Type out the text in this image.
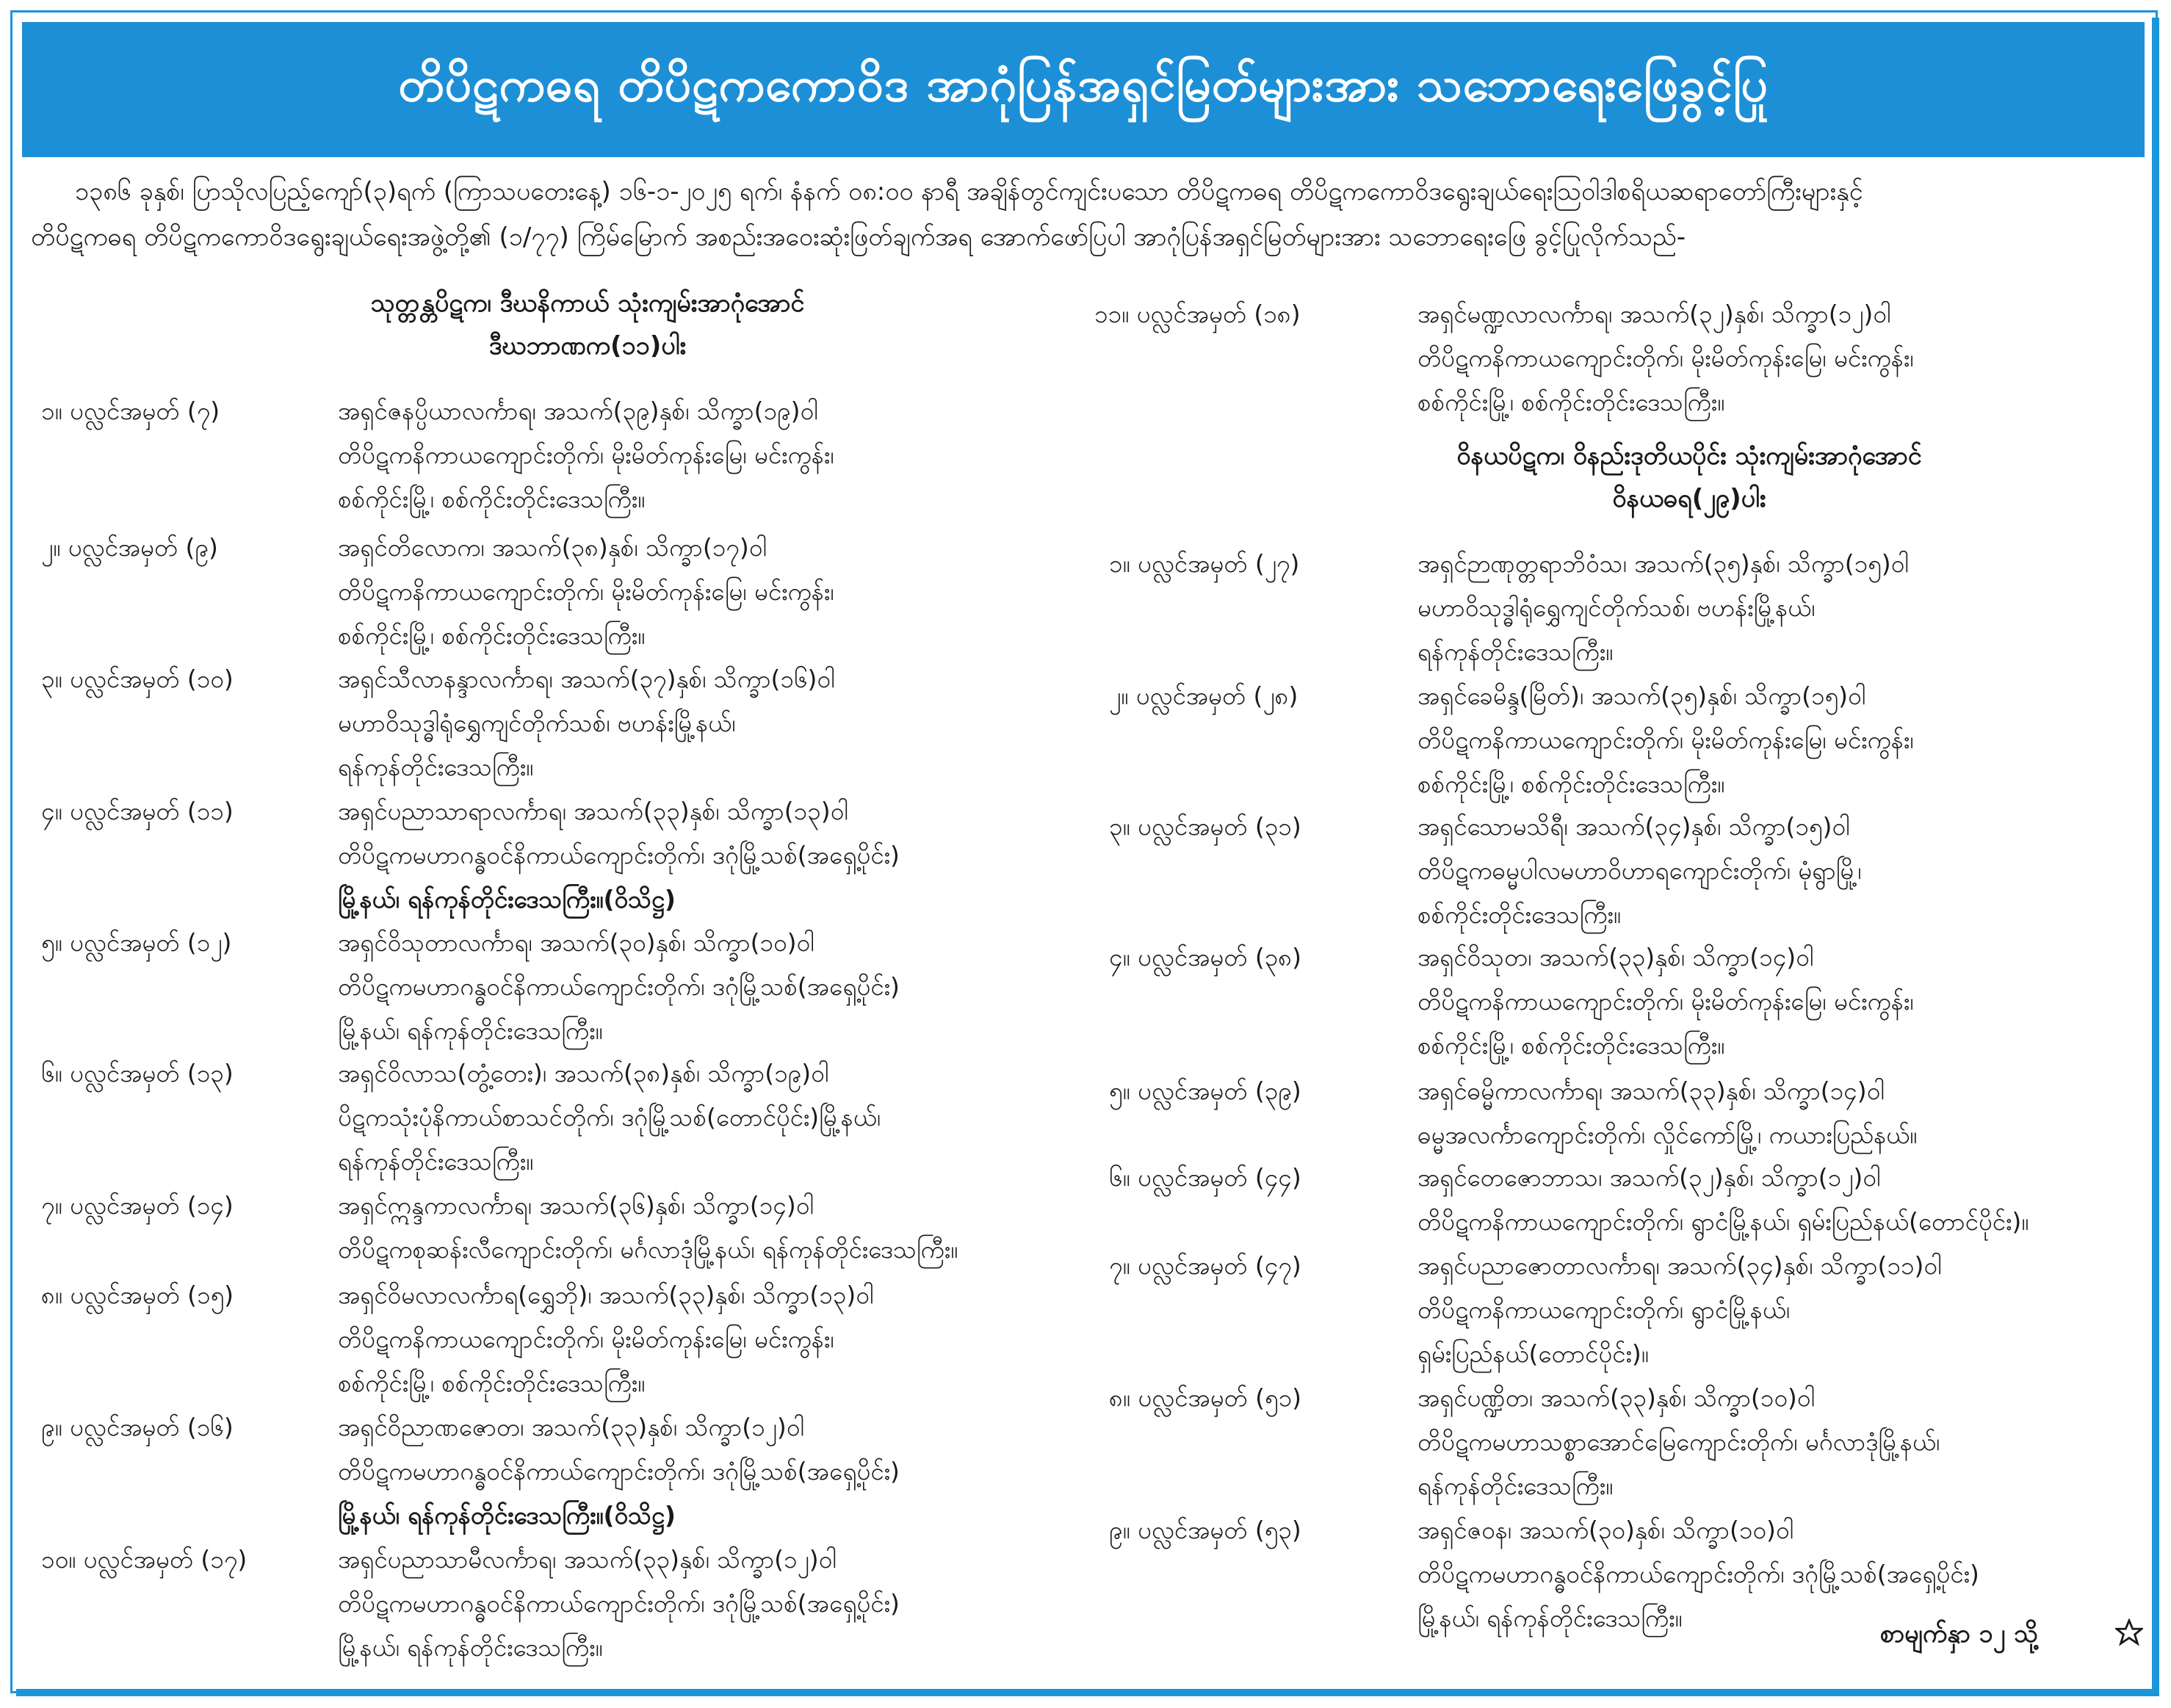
တိပိဋကဓရ တိပိဋကကောဝိဒ အာဂုံပြန်အရှင်မြတ်များအား သဘောရေးဖြေခွင့်ပြု

၁၃၈၆ ခုနှစ်၊ ပြာသိုလပြည့်ကျော်(၃)ရက် (ကြာသပတေးနေ့) ၁၆-၁-၂၀၂၅ ရက်၊ နံနက် ၀၈:၀၀ နာရီ အချိန်တွင်ကျင်းပသော တိပိဋကဓရ တိပိဋကကောဝိဒရွေးချယ်ရေးသြဝါဒါစရိယဆရာတော်ကြီးများနှင့်

တိပိဋကဓရ တိပိဋကကောဝိဒရွေးချယ်ရေးအဖွဲ့တို့၏ (၁/၇၇) ကြိမ်မြောက် အစည်းအဝေးဆုံးဖြတ်ချက်အရ အောက်ဖော်ပြပါ အာဂုံပြန်အရှင်မြတ်များအား သဘောရေးဖြေ ခွင့်ပြုလိုက်သည်-

သုတ္တန္တပိဋက၊ ဒီဃနိကာယ် သုံးကျမ်းအာဂုံအောင်
ဒီဃဘာဏက(၁၁)ပါး
ဝိနယပိဋက၊ ဝိနည်းဒုတိယပိုင်း သုံးကျမ်းအာဂုံအောင်
ဝိနယဓရ(၂၉)ပါး
၁။ ပလ္လင်အမှတ် (၇)	အရှင်ဇနပ္ပိယာလင်္ကာရ၊ အသက်(၃၉)နှစ်၊ သိက္ခာ(၁၉)ဝါ
တိပိဋကနိကာယကျောင်းတိုက်၊ မိုးမိတ်ကုန်းမြေ၊ မင်းကွန်း၊
စစ်ကိုင်းမြို့၊ စစ်ကိုင်းတိုင်းဒေသကြီး။
၂။ ပလ္လင်အမှတ် (၉)	အရှင်တိလောက၊ အသက်(၃၈)နှစ်၊ သိက္ခာ(၁၇)ဝါ
တိပိဋကနိကာယကျောင်းတိုက်၊ မိုးမိတ်ကုန်းမြေ၊ မင်းကွန်း၊
စစ်ကိုင်းမြို့၊ စစ်ကိုင်းတိုင်းဒေသကြီး။
၃။ ပလ္လင်အမှတ် (၁၀)	အရှင်သီလာနန္ဒာလင်္ကာရ၊ အသက်(၃၇)နှစ်၊ သိက္ခာ(၁၆)ဝါ
မဟာဝိသုဒ္ဓါရုံရွှေကျင်တိုက်သစ်၊ ဗဟန်းမြို့နယ်၊
ရန်ကုန်တိုင်းဒေသကြီး။
၄။ ပလ္လင်အမှတ် (၁၁)	အရှင်ပညာသာရာလင်္ကာရ၊ အသက်(၃၃)နှစ်၊ သိက္ခာ(၁၃)ဝါ
တိပိဋကမဟာဂန္ဓဝင်နိကာယ်ကျောင်းတိုက်၊ ဒဂုံမြို့သစ်(အရှေ့ပိုင်း)
မြို့နယ်၊ ရန်ကုန်တိုင်းဒေသကြီး။(ဝိသိဋ္ဌ)
၅။ ပလ္လင်အမှတ် (၁၂)	အရှင်ဝိသုတာလင်္ကာရ၊ အသက်(၃၀)နှစ်၊ သိက္ခာ(၁၀)ဝါ
တိပိဋကမဟာဂန္ဓဝင်နိကာယ်ကျောင်းတိုက်၊ ဒဂုံမြို့သစ်(အရှေ့ပိုင်း)
မြို့နယ်၊ ရန်ကုန်တိုင်းဒေသကြီး။
၆။ ပလ္လင်အမှတ် (၁၃)	အရှင်ဝိလာသ(တွံ့တေး)၊ အသက်(၃၈)နှစ်၊ သိက္ခာ(၁၉)ဝါ
ပိဋကသုံးပုံနိကာယ်စာသင်တိုက်၊ ဒဂုံမြို့သစ်(တောင်ပိုင်း)မြို့နယ်၊
ရန်ကုန်တိုင်းဒေသကြီး။
၇။ ပလ္လင်အမှတ် (၁၄)	အရှင်ဣန္ဒကာလင်္ကာရ၊ အသက်(၃၆)နှစ်၊ သိက္ခာ(၁၄)ဝါ
တိပိဋကစုဆန်းလီကျောင်းတိုက်၊ မင်္ဂလာဒုံမြို့နယ်၊ ရန်ကုန်တိုင်းဒေသကြီး။
၈။ ပလ္လင်အမှတ် (၁၅)	အရှင်ဝိမလာလင်္ကာရ(ရွှေဘို)၊ အသက်(၃၃)နှစ်၊ သိက္ခာ(၁၃)ဝါ
တိပိဋကနိကာယကျောင်းတိုက်၊ မိုးမိတ်ကုန်းမြေ၊ မင်းကွန်း၊
စစ်ကိုင်းမြို့၊ စစ်ကိုင်းတိုင်းဒေသကြီး။
၉။ ပလ္လင်အမှတ် (၁၆)	အရှင်ဝိညာဏဇောတ၊ အသက်(၃၃)နှစ်၊ သိက္ခာ(၁၂)ဝါ
တိပိဋကမဟာဂန္ဓဝင်နိကာယ်ကျောင်းတိုက်၊ ဒဂုံမြို့သစ်(အရှေ့ပိုင်း)
မြို့နယ်၊ ရန်ကုန်တိုင်းဒေသကြီး။(ဝိသိဋ္ဌ)
၁၀။ ပလ္လင်အမှတ် (၁၇)	အရှင်ပညာသာမီလင်္ကာရ၊ အသက်(၃၃)နှစ်၊ သိက္ခာ(၁၂)ဝါ
တိပိဋကမဟာဂန္ဓဝင်နိကာယ်ကျောင်းတိုက်၊ ဒဂုံမြို့သစ်(အရှေ့ပိုင်း)
မြို့နယ်၊ ရန်ကုန်တိုင်းဒေသကြီး။
၁၁။ ပလ္လင်အမှတ် (၁၈)	အရှင်မဏ္ဍလာလင်္ကာရ၊ အသက်(၃၂)နှစ်၊ သိက္ခာ(၁၂)ဝါ
တိပိဋကနိကာယကျောင်းတိုက်၊ မိုးမိတ်ကုန်းမြေ၊ မင်းကွန်း၊
စစ်ကိုင်းမြို့၊ စစ်ကိုင်းတိုင်းဒေသကြီး။
၁။ ပလ္လင်အမှတ် (၂၇)	အရှင်ဉာဏုတ္တရာဘိဝံသ၊ အသက်(၃၅)နှစ်၊ သိက္ခာ(၁၅)ဝါ
မဟာဝိသုဒ္ဓါရုံရွှေကျင်တိုက်သစ်၊ ဗဟန်းမြို့နယ်၊
ရန်ကုန်တိုင်းဒေသကြီး။
၂။ ပလ္လင်အမှတ် (၂၈)	အရှင်ခေမိန္ဒ(မြိတ်)၊ အသက်(၃၅)နှစ်၊ သိက္ခာ(၁၅)ဝါ
တိပိဋကနိကာယကျောင်းတိုက်၊ မိုးမိတ်ကုန်းမြေ၊ မင်းကွန်း၊
စစ်ကိုင်းမြို့၊ စစ်ကိုင်းတိုင်းဒေသကြီး။
၃။ ပလ္လင်အမှတ် (၃၁)	အရှင်သောမသိရီ၊ အသက်(၃၄)နှစ်၊ သိက္ခာ(၁၅)ဝါ
တိပိဋကဓမ္မပါလမဟာဝိဟာရကျောင်းတိုက်၊ မုံရွာမြို့၊
စစ်ကိုင်းတိုင်းဒေသကြီး။
၄။ ပလ္လင်အမှတ် (၃၈)	အရှင်ဝိသုတ၊ အသက်(၃၃)နှစ်၊ သိက္ခာ(၁၄)ဝါ
တိပိဋကနိကာယကျောင်းတိုက်၊ မိုးမိတ်ကုန်းမြေ၊ မင်းကွန်း၊
စစ်ကိုင်းမြို့၊ စစ်ကိုင်းတိုင်းဒေသကြီး။
၅။ ပလ္လင်အမှတ် (၃၉)	အရှင်ဓမ္မိကာလင်္ကာရ၊ အသက်(၃၃)နှစ်၊ သိက္ခာ(၁၄)ဝါ
ဓမ္မအလင်္ကာကျောင်းတိုက်၊ လှိုင်ကော်မြို့၊ ကယားပြည်နယ်။
၆။ ပလ္လင်အမှတ် (၄၄)	အရှင်တေဇောဘာသ၊ အသက်(၃၂)နှစ်၊ သိက္ခာ(၁၂)ဝါ
တိပိဋကနိကာယကျောင်းတိုက်၊ ရွာငံမြို့နယ်၊ ရှမ်းပြည်နယ်(တောင်ပိုင်း)။
၇။ ပလ္လင်အမှတ် (၄၇)	အရှင်ပညာဇောတာလင်္ကာရ၊ အသက်(၃၄)နှစ်၊ သိက္ခာ(၁၁)ဝါ
တိပိဋကနိကာယကျောင်းတိုက်၊ ရွာငံမြို့နယ်၊
ရှမ်းပြည်နယ်(တောင်ပိုင်း)။
၈။ ပလ္လင်အမှတ် (၅၁)	အရှင်ပဏ္ဍိတ၊ အသက်(၃၃)နှစ်၊ သိက္ခာ(၁၀)ဝါ
တိပိဋကမဟာသစ္စာအောင်မြေကျောင်းတိုက်၊ မင်္ဂလာဒုံမြို့နယ်၊
ရန်ကုန်တိုင်းဒေသကြီး။
၉။ ပလ္လင်အမှတ် (၅၃)	အရှင်ဇဝန၊ အသက်(၃၀)နှစ်၊ သိက္ခာ(၁၀)ဝါ
တိပိဋကမဟာဂန္ဓဝင်နိကာယ်ကျောင်းတိုက်၊ ဒဂုံမြို့သစ်(အရှေ့ပိုင်း)
မြို့နယ်၊ ရန်ကုန်တိုင်းဒေသကြီး။
စာမျက်နှာ ၁၂ သို့
